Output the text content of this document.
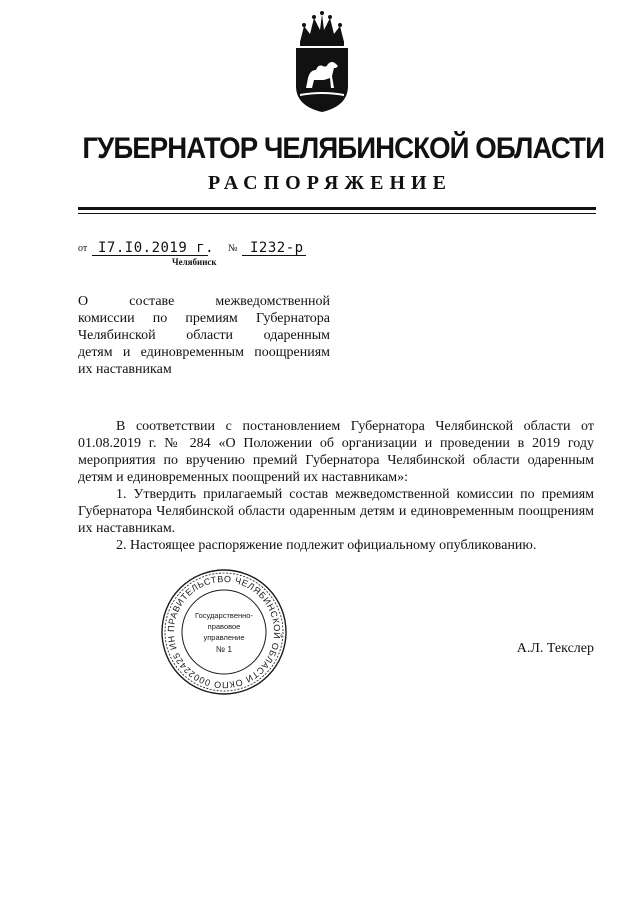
ГУБЕРНАТОР ЧЕЛЯБИНСКОЙ ОБЛАСТИ
РАСПОРЯЖЕНИЕ
от I7.I0.2019 г. № I232-р
Челябинск

О составе межведомственной

комиссии по премиям Губернатора

Челябинской области одаренным

детям и единовременным поощрениям

их наставникам

В соответствии с постановлением Губернатора Челябинской области от 01.08.2019 г. № 284 «О Положении об организации и проведении в 2019 году мероприятия по вручению премий Губернатора Челябинской области одаренным детям и единовременных поощрений их наставникам»:

1. Утвердить прилагаемый состав межведомственной комиссии по премиям Губернатора Челябинской области одаренным детям и единовременным поощрениям их наставникам.

2. Настоящее распоряжение подлежит официальному опубликованию.

ПРАВИТЕЛЬСТВО ЧЕЛЯБИНСКОЙ ОБЛАСТИ ОКПО 00022425 ИН
Государственно-
правовое
управление
№ 1	А.Л. Текслер
